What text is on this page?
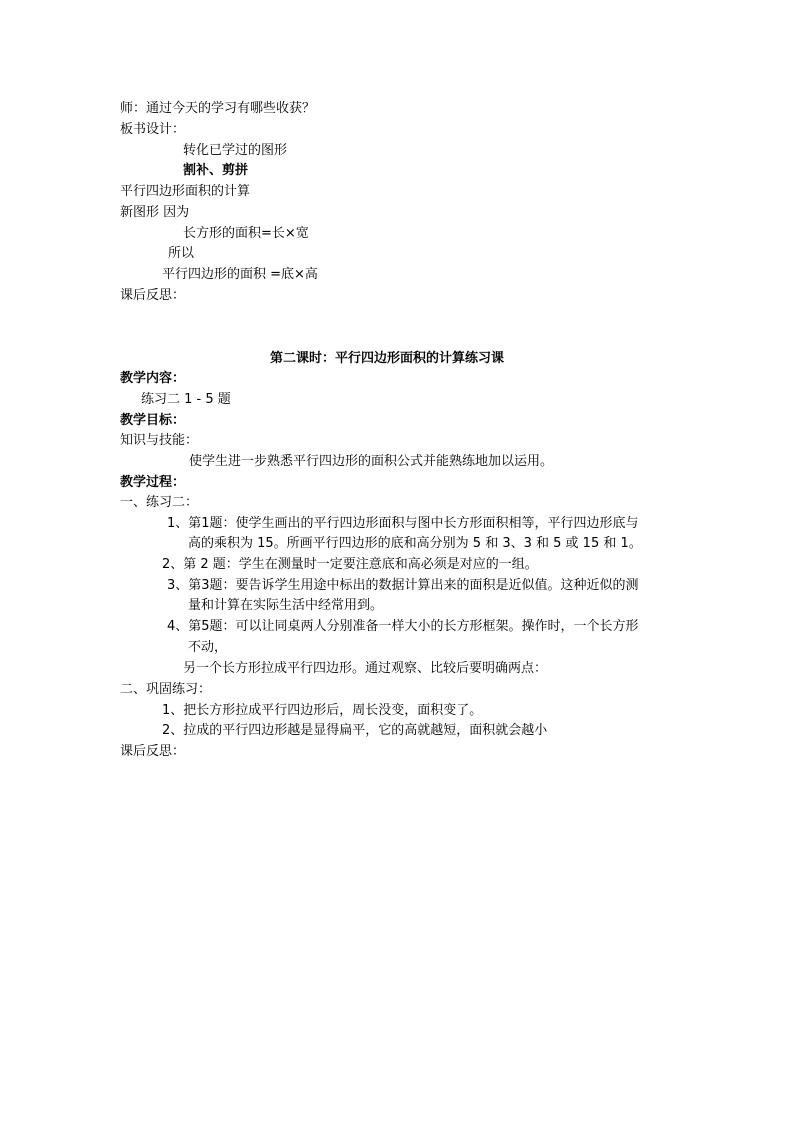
师：通过今天的学习有哪些收获？
板书设计：
转化已学过的图形
割补、剪拼
平行四边形面积的计算
新图形 因为
长方形的面积=长×宽
所以
平行四边形的面积 =底×高
课后反思：
第二课时：平行四边形面积的计算练习课
教学内容：
练习二 1 - 5 题
教学目标：
知识与技能：
使学生进一步熟悉平行四边形的面积公式并能熟练地加以运用。
教学过程：
一、练习二：
1、第1题：使学生画出的平行四边形面积与图中长方形面积相等，平行四边形底与
高的乘积为 15。所画平行四边形的底和高分别为 5 和 3、3 和 5 或 15 和 1。
2、第 2 题：学生在测量时一定要注意底和高必须是对应的一组。
3、第3题：要告诉学生用途中标出的数据计算出来的面积是近似值。这种近似的测
量和计算在实际生活中经常用到。
4、第5题：可以让同桌两人分别准备一样大小的长方形框架。操作时，一个长方形
不动，
另一个长方形拉成平行四边形。通过观察、比较后要明确两点：
二、巩固练习：
1、把长方形拉成平行四边形后，周长没变，面积变了。
2、拉成的平行四边形越是显得扁平，它的高就越短，面积就会越小
课后反思：
